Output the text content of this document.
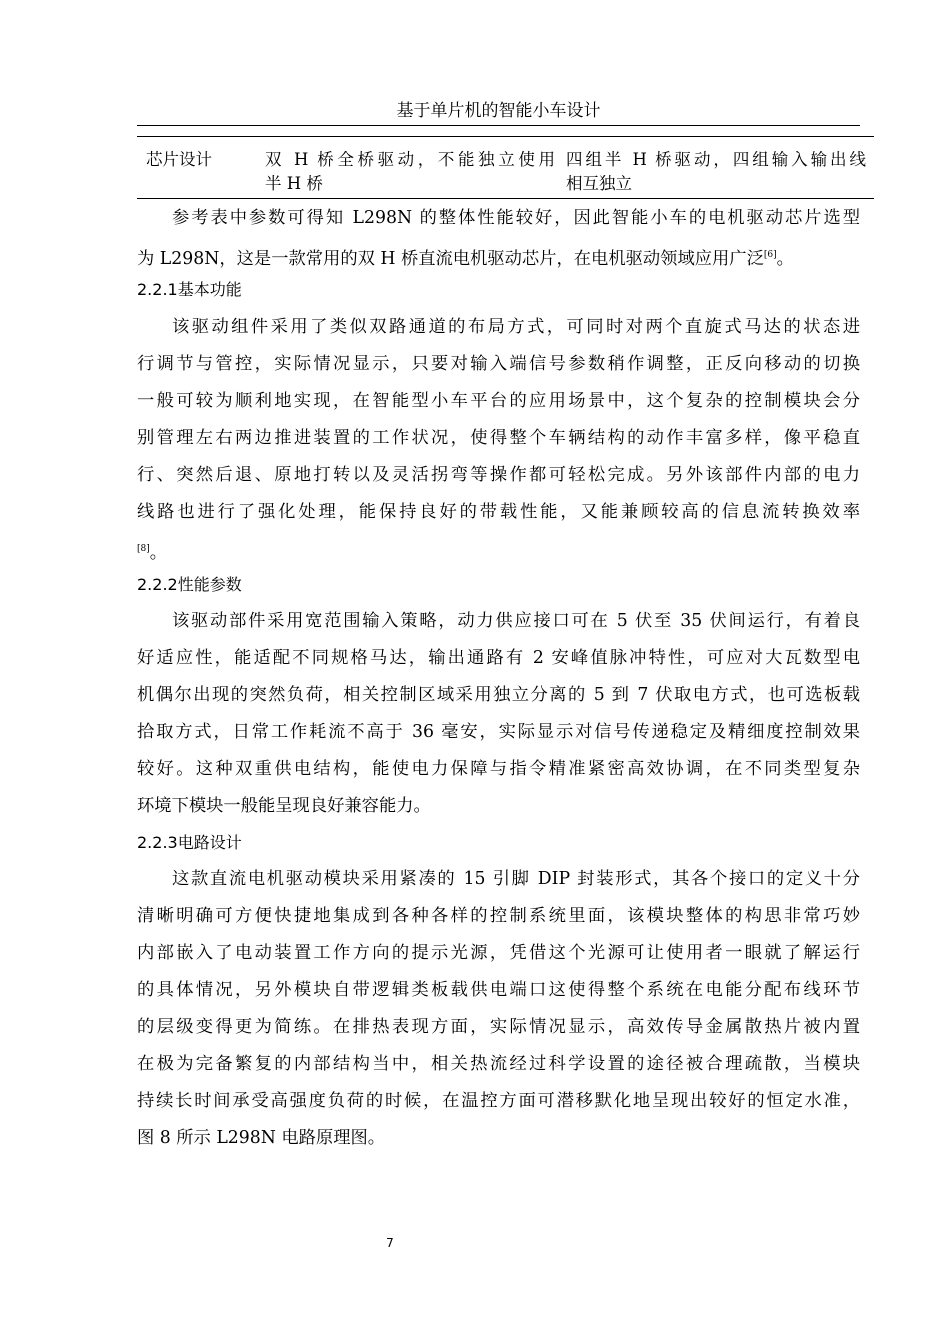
基于单片机的智能小车设计
芯片设计	双 H 桥全桥驱动，不能独立使用
半 H 桥
四组半 H 桥驱动，四组输入输出线
相互独立
参考表中参数可得知 L298N 的整体性能较好，因此智能小车的电机驱动芯片选型
为 L298N，这是一款常用的双 H 桥直流电机驱动芯片，在电机驱动领域应用广泛[6]。
2.2.1基本功能
该驱动组件采用了类似双路通道的布局方式，可同时对两个直旋式马达的状态进
行调节与管控，实际情况显示，只要对输入端信号参数稍作调整，正反向移动的切换
一般可较为顺利地实现，在智能型小车平台的应用场景中，这个复杂的控制模块会分
别管理左右两边推进装置的工作状况，使得整个车辆结构的动作丰富多样，像平稳直
行、突然后退、原地打转以及灵活拐弯等操作都可轻松完成。另外该部件内部的电力
线路也进行了强化处理，能保持良好的带载性能，又能兼顾较高的信息流转换效率
[8]。
2.2.2性能参数
该驱动部件采用宽范围输入策略，动力供应接口可在 5 伏至 35 伏间运行，有着良
好适应性，能适配不同规格马达，输出通路有 2 安峰值脉冲特性，可应对大瓦数型电
机偶尔出现的突然负荷，相关控制区域采用独立分离的 5 到 7 伏取电方式，也可选板载
拾取方式，日常工作耗流不高于 36 毫安，实际显示对信号传递稳定及精细度控制效果
较好。这种双重供电结构，能使电力保障与指令精准紧密高效协调，在不同类型复杂
环境下模块一般能呈现良好兼容能力。
2.2.3电路设计
这款直流电机驱动模块采用紧凑的 15 引脚 DIP 封装形式，其各个接口的定义十分
清晰明确可方便快捷地集成到各种各样的控制系统里面，该模块整体的构思非常巧妙
内部嵌入了电动装置工作方向的提示光源，凭借这个光源可让使用者一眼就了解运行
的具体情况，另外模块自带逻辑类板载供电端口这使得整个系统在电能分配布线环节
的层级变得更为简练。在排热表现方面，实际情况显示，高效传导金属散热片被内置
在极为完备繁复的内部结构当中，相关热流经过科学设置的途径被合理疏散，当模块
持续长时间承受高强度负荷的时候，在温控方面可潜移默化地呈现出较好的恒定水准，
图 8 所示 L298N 电路原理图。
7
